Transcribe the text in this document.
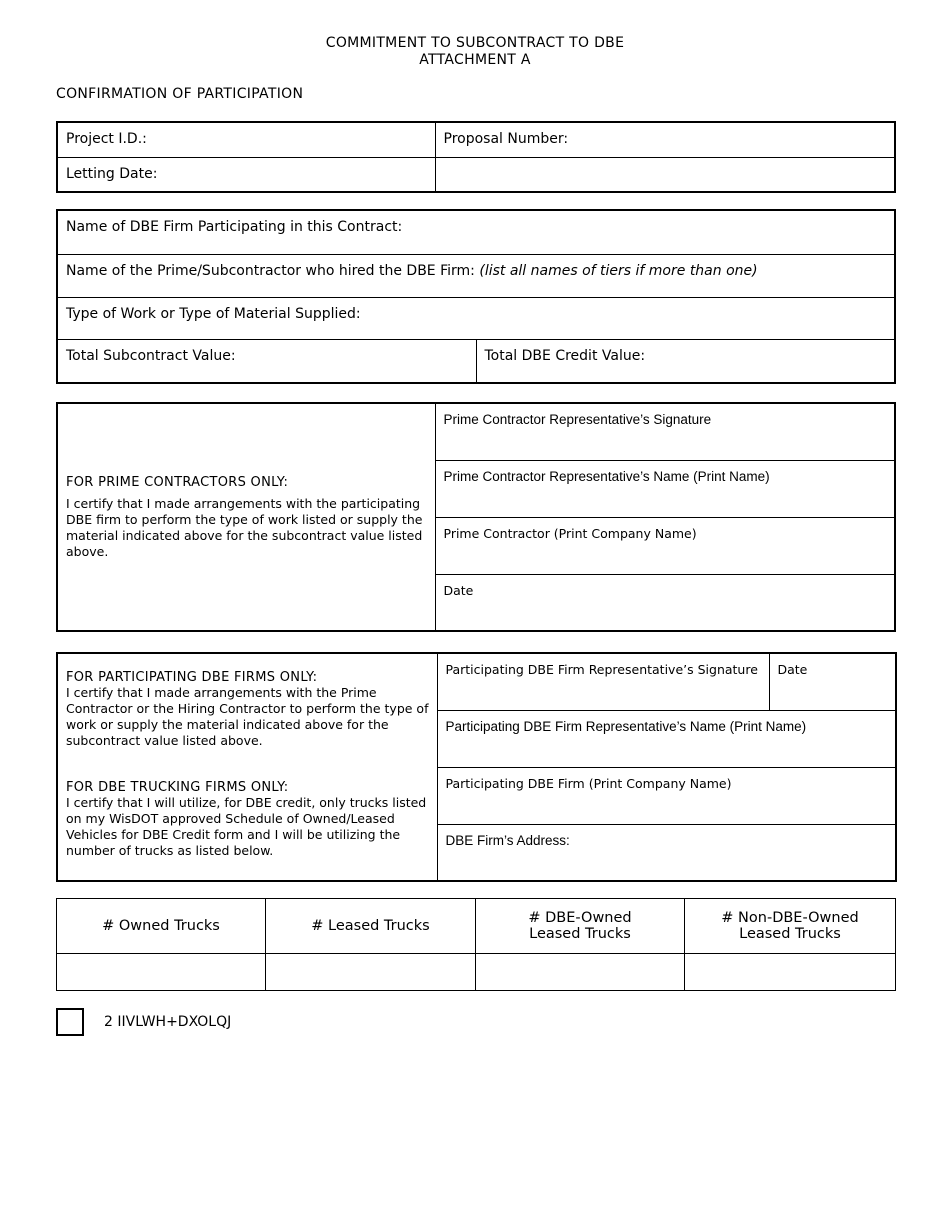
COMMITMENT TO SUBCONTRACT TO DBE
ATTACHMENT A
CONFIRMATION OF PARTICIPATION
Project I.D.:	Proposal Number:
Letting Date:	
Name of DBE Firm Participating in this Contract:
Name of the Prime/Subcontractor who hired the DBE Firm: (list all names of tiers if more than one)
Type of Work or Type of Material Supplied:
Total Subcontract Value:	Total DBE Credit Value:
FOR PRIME CONTRACTORS ONLY:
I certify that I made arrangements with the participating DBE firm to perform the type of work listed or supply the material indicated above for the subcontract value listed above.
	Prime Contractor Representative’s Signature
Prime Contractor Representative’s Name (Print Name)
Prime Contractor (Print Company Name)
Date
FOR PARTICIPATING DBE FIRMS ONLY:
I certify that I made arrangements with the Prime Contractor or the Hiring Contractor to perform the type of work or supply the material indicated above for the subcontract value listed above.
FOR DBE TRUCKING FIRMS ONLY:
I certify that I will utilize, for DBE credit, only trucks listed on my WisDOT approved Schedule of Owned/Leased Vehicles for DBE Credit form and I will be utilizing the number of trucks as listed below.
	Participating DBE Firm Representative’s Signature	Date
Participating DBE Firm Representative’s Name (Print Name)
Participating DBE Firm (Print Company Name)
DBE Firm’s Address:
# Owned Trucks	# Leased Trucks	# DBE-Owned Leased Trucks	# Non-DBE-Owned Leased Trucks

2 IIVLWH+DXOLQJ
